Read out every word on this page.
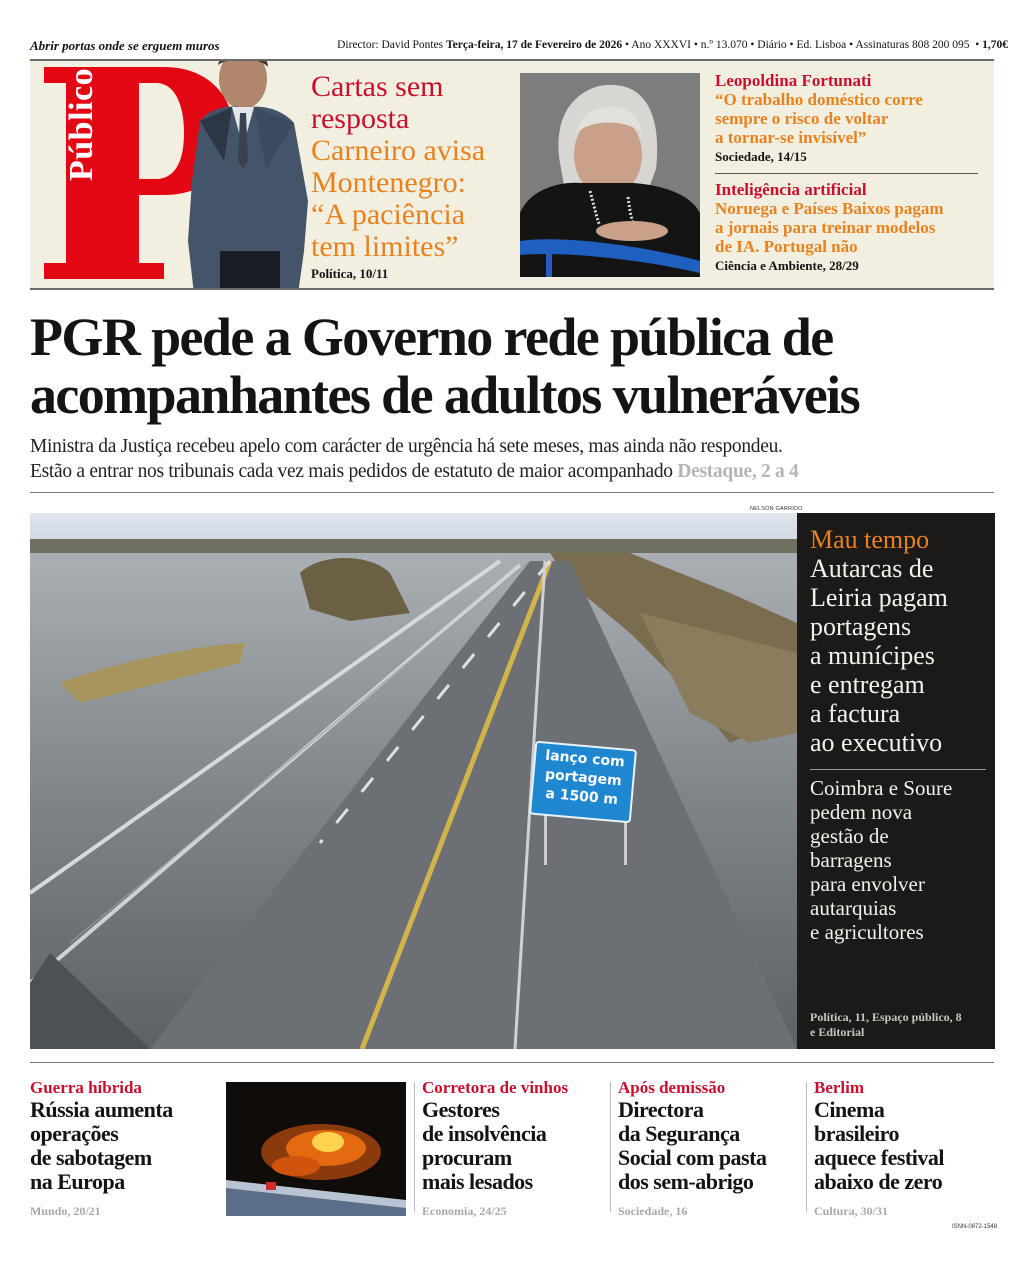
Abrir portas onde se erguem muros	Director: David Pontes Terça-feira, 17 de Fevereiro de 2026 • Ano XXXVI • n.º 13.070 • Diário • Ed. Lisboa • Assinaturas 808 200 095  • 1,70€
Público	Cartas sem
resposta
Carneiro avisa
Montenegro:
“A paciência
tem limites”
Política, 10/11
Leopoldina Fortunati
“O trabalho doméstico corre
sempre o risco de voltar
a tornar-se invisível”
Sociedade, 14/15
Inteligência artificial
Noruega e Países Baixos pagam
a jornais para treinar modelos
de IA. Portugal não
Ciência e Ambiente, 28/29
PGR pede a Governo rede pública de
acompanhantes de adultos vulneráveis
Ministra da Justiça recebeu apelo com carácter de urgência há sete meses, mas ainda não respondeu.
Estão a entrar nos tribunais cada vez mais pedidos de estatuto de maior acompanhado Destaque, 2 a 4
NELSON GARRIDO
lanço com
portagem
a 1500 m
Mau tempo
Autarcas de
Leiria pagam
portagens
a munícipes
e entregam
a factura
ao executivo
Coimbra e Soure
pedem nova
gestão de
barragens
para envolver
autarquias
e agricultores
Política, 11, Espaço público, 8
e Editorial
Guerra híbrida
Rússia aumenta
operações
de sabotagem
na Europa
Mundo, 20/21
Corretora de vinhos
Gestores
de insolvência
procuram
mais lesados
Economia, 24/25
Após demissão
Directora
da Segurança
Social com pasta
dos sem-abrigo
Sociedade, 16
Berlim
Cinema
brasileiro
aquece festival
abaixo de zero
Cultura, 30/31
ISNN-0872-1548
